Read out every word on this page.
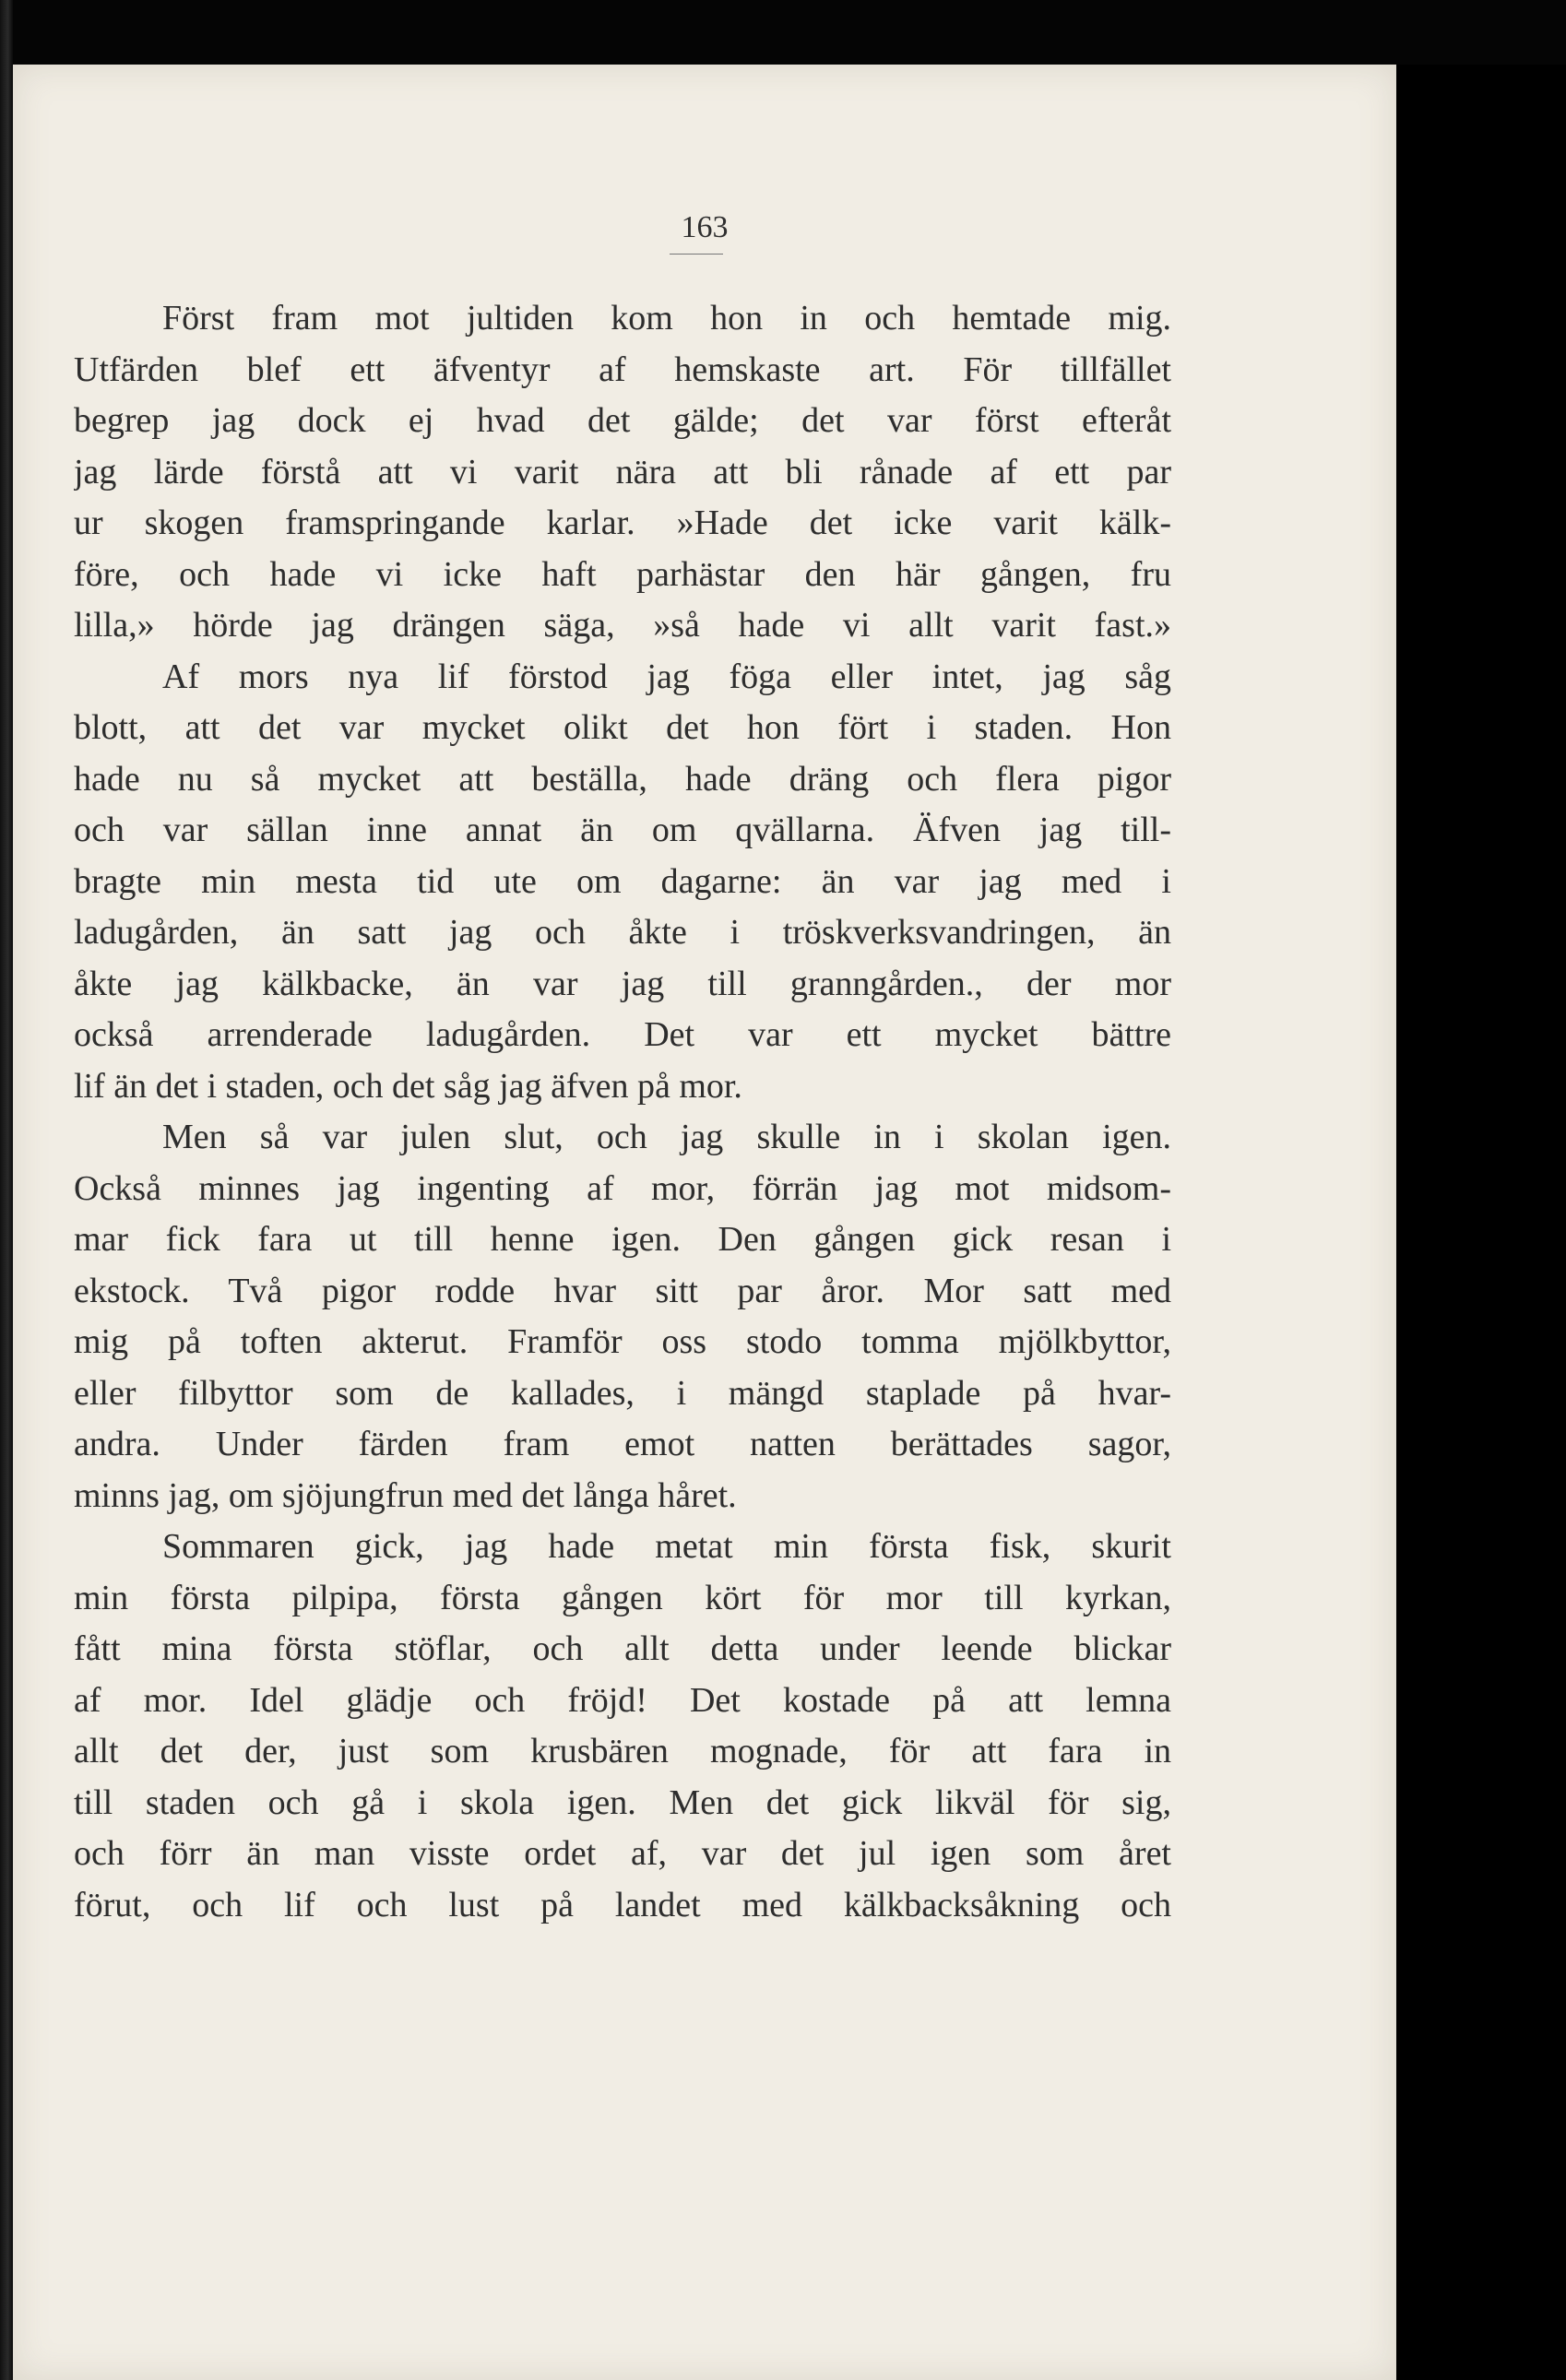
163
Först fram mot jultiden kom hon in och hemtade mig.
Utfärden blef ett äfventyr af hemskaste art. För tillfället
begrep jag dock ej hvad det gälde; det var först efteråt
jag lärde förstå att vi varit nära att bli rånade af ett par
ur skogen framspringande karlar. »Hade det icke varit kälk-
före, och hade vi icke haft parhästar den här gången, fru
lilla,» hörde jag drängen säga, »så hade vi allt varit fast.»
Af mors nya lif förstod jag föga eller intet, jag såg
blott, att det var mycket olikt det hon fört i staden. Hon
hade nu så mycket att beställa, hade dräng och flera pigor
och var sällan inne annat än om qvällarna. Äfven jag till-
bragte min mesta tid ute om dagarne: än var jag med i
ladugården, än satt jag och åkte i tröskverksvandringen, än
åkte jag kälkbacke, än var jag till granngården., der mor
också arrenderade ladugården. Det var ett mycket bättre
lif än det i staden, och det såg jag äfven på mor.
Men så var julen slut, och jag skulle in i skolan igen.
Också minnes jag ingenting af mor, förrän jag mot midsom-
mar fick fara ut till henne igen. Den gången gick resan i
ekstock. Två pigor rodde hvar sitt par åror. Mor satt med
mig på toften akterut. Framför oss stodo tomma mjölkbyttor,
eller filbyttor som de kallades, i mängd staplade på hvar-
andra. Under färden fram emot natten berättades sagor,
minns jag, om sjöjungfrun med det långa håret.
Sommaren gick, jag hade metat min första fisk, skurit
min första pilpipa, första gången kört för mor till kyrkan,
fått mina första stöflar, och allt detta under leende blickar
af mor. Idel glädje och fröjd! Det kostade på att lemna
allt det der, just som krusbären mognade, för att fara in
till staden och gå i skola igen. Men det gick likväl för sig,
och förr än man visste ordet af, var det jul igen som året
förut, och lif och lust på landet med kälkbacksåkning och
